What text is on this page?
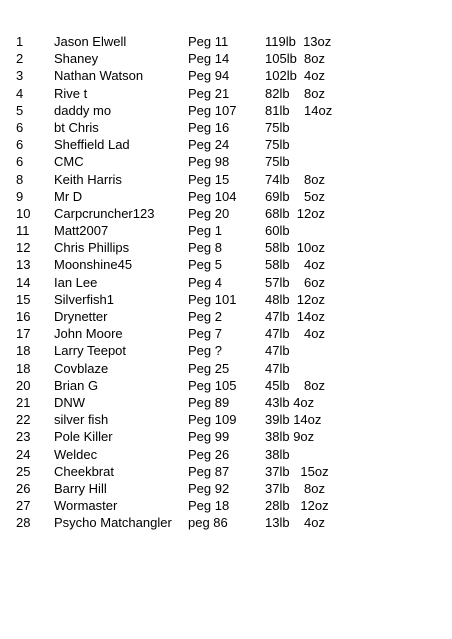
1 Jason Elwell	Peg 11	119lb  13oz
2 Shaney	Peg 14	105lb  8oz
3 Nathan Watson	Peg 94	102lb  4oz
4 Rive t	Peg 21	82lb    8oz
5 daddy mo	Peg 107 81lb    14oz
6 bt Chris	Peg 16	75lb
6 Sheffield Lad	Peg 24	75lb
6 CMC	Peg 98	75lb
8 Keith Harris	Peg 15	74lb    8oz
9 Mr D	Peg 104 69lb    5oz
10 Carpcruncher123	Peg 20	68lb  12oz
11 Matt2007	Peg 1	60lb
12 Chris Phillips	Peg 8	58lb  10oz
13 Moonshine45	Peg 5	58lb    4oz
14 Ian Lee	Peg 4	57lb    6oz
15 Silverfish1	Peg 101 48lb  12oz
16 Drynetter	Peg 2	47lb  14oz
17 John Moore	Peg 7	47lb    4oz
18 Larry Teepot	Peg ?	47lb
18 Covblaze	Peg 25	47lb
20 Brian G	Peg 105 45lb    8oz
21 DNW	Peg 89	43lb 4oz
22 silver fish	Peg 109 39lb 14oz
23 Pole Killer	Peg 99	38lb 9oz
24 Weldec	Peg 26	38lb
25 Cheekbrat	Peg 87	37lb   15oz
26 Barry Hill	Peg 92	37lb    8oz
27 Wormaster	Peg 18	28lb   12oz
28 Psycho Matchangler peg 86	13lb    4oz
